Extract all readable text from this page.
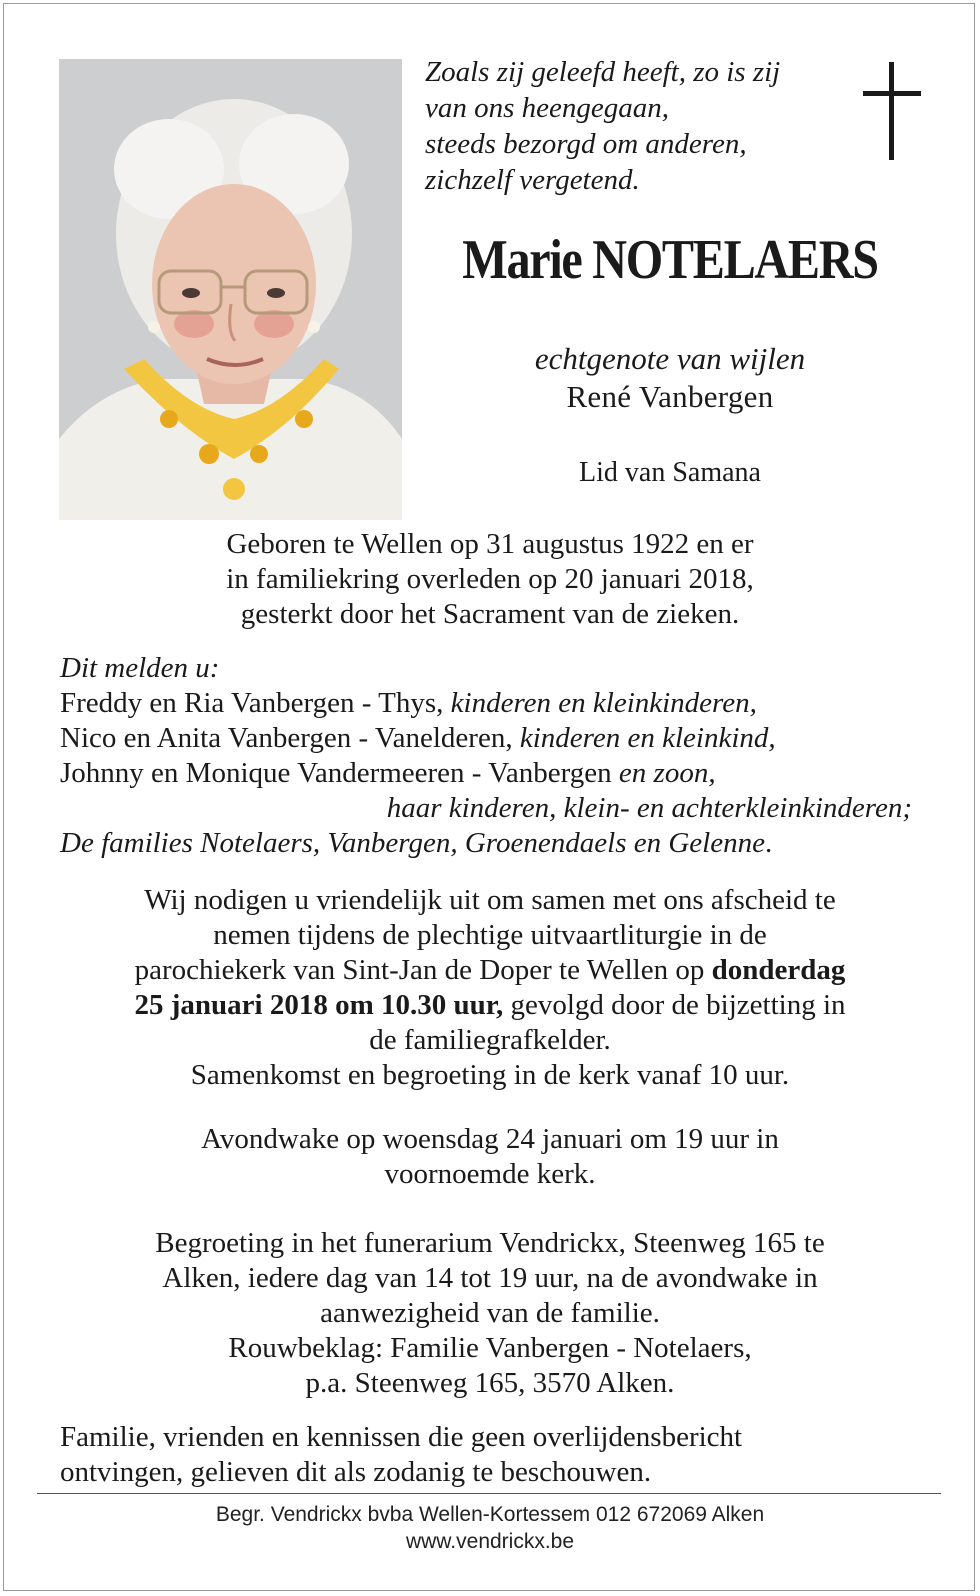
Zoals zij geleefd heeft, zo is zij
van ons heengegaan,
steeds bezorgd om anderen,
zichzelf vergetend.
Marie NOTELAERS
echtgenote van wijlen
René Vanbergen
Lid van Samana
Geboren te Wellen op 31 augustus 1922 en er
in familiekring overleden op 20 januari 2018,
gesterkt door het Sacrament van de zieken.
Dit melden u:
Freddy en Ria Vanbergen - Thys, kinderen en kleinkinderen,
Nico en Anita Vanbergen - Vanelderen, kinderen en kleinkind,
Johnny en Monique Vandermeeren - Vanbergen en zoon,
haar kinderen, klein- en achterkleinkinderen;
De families Notelaers, Vanbergen, Groenendaels en Gelenne.
Wij nodigen u vriendelijk uit om samen met ons afscheid te
nemen tijdens de plechtige uitvaartliturgie in de
parochiekerk van Sint-Jan de Doper te Wellen op donderdag
25 januari 2018 om 10.30 uur, gevolgd door de bijzetting in
de familiegrafkelder.
Samenkomst en begroeting in de kerk vanaf 10 uur.
Avondwake op woensdag 24 januari om 19 uur in
voornoemde kerk.
Begroeting in het funerarium Vendrickx, Steenweg 165 te
Alken, iedere dag van 14 tot 19 uur, na de avondwake in
aanwezigheid van de familie.
Rouwbeklag: Familie Vanbergen - Notelaers,
p.a. Steenweg 165, 3570 Alken.
Familie, vrienden en kennissen die geen overlijdensbericht
ontvingen, gelieven dit als zodanig te beschouwen.
Begr. Vendrickx bvba Wellen-Kortessem 012 672069 Alken
www.vendrickx.be
